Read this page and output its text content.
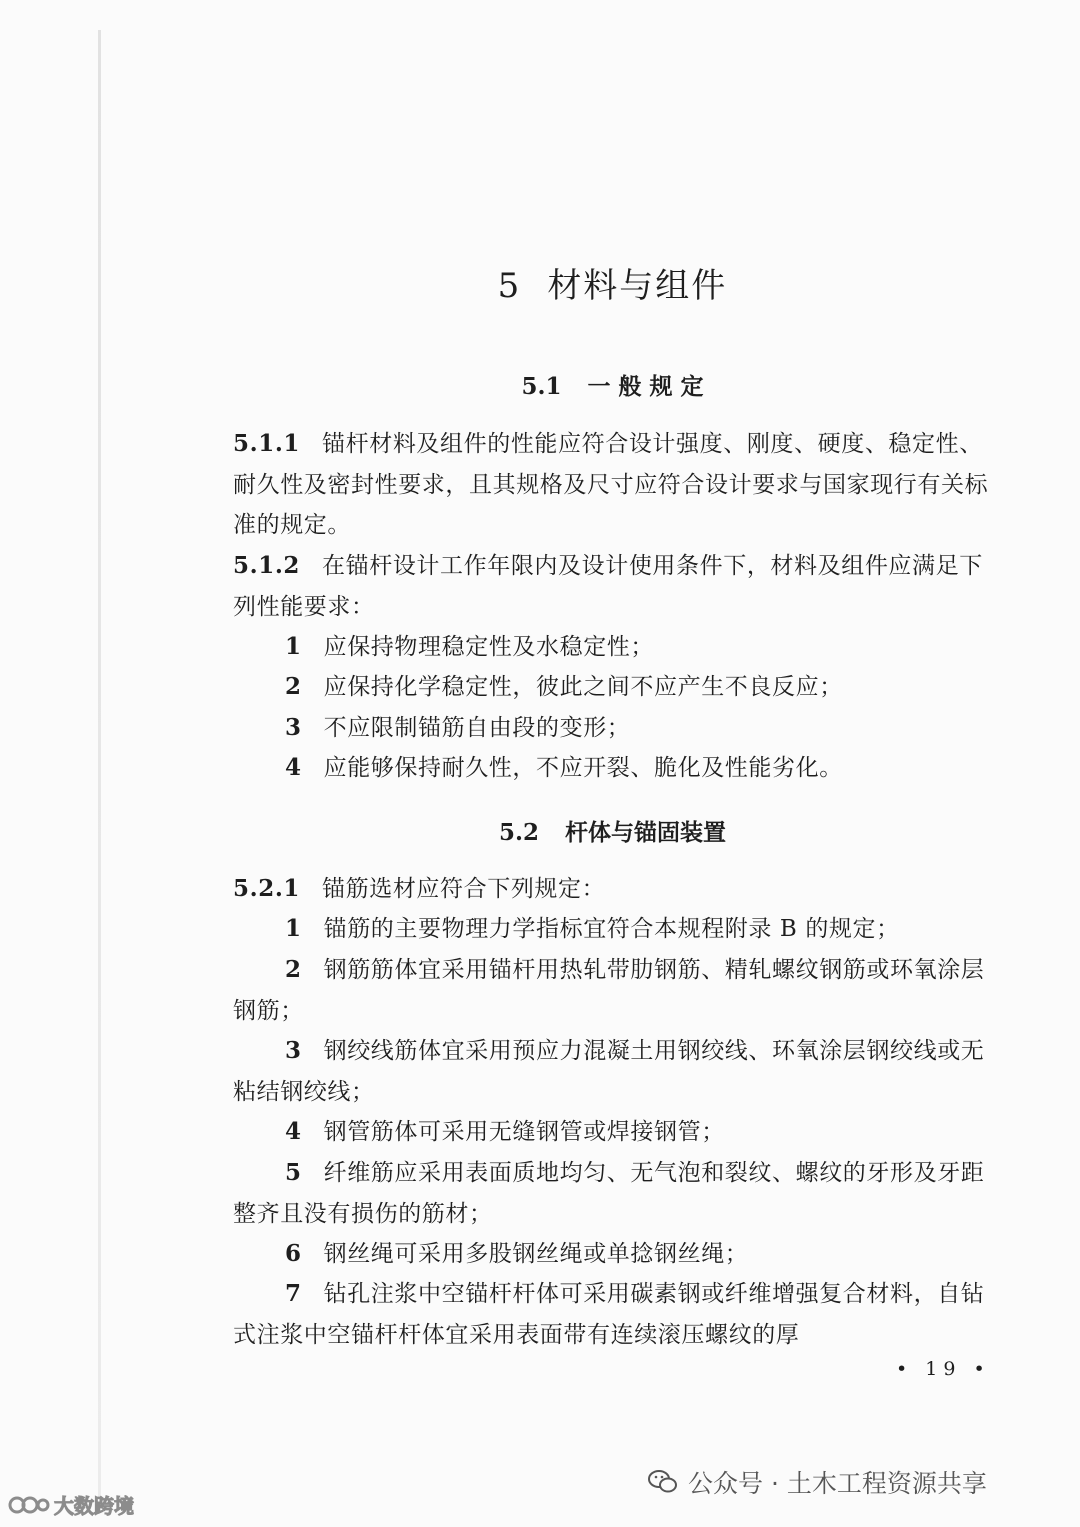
5 材料与组件
5.1 一 般 规 定
5.1.1 锚杆材料及组件的性能应符合设计强度、刚度、硬度、稳定性、耐久性及密封性要求，且其规格及尺寸应符合设计要求与国家现行有关标准的规定。
5.1.2 在锚杆设计工作年限内及设计使用条件下，材料及组件应满足下列性能要求：
1 应保持物理稳定性及水稳定性；
2 应保持化学稳定性，彼此之间不应产生不良反应；
3 不应限制锚筋自由段的变形；
4 应能够保持耐久性，不应开裂、脆化及性能劣化。
5.2 杆体与锚固装置
5.2.1 锚筋选材应符合下列规定：
1 锚筋的主要物理力学指标宜符合本规程附录 B 的规定；
2 钢筋筋体宜采用锚杆用热轧带肋钢筋、精轧螺纹钢筋或环氧涂层钢筋；
3 钢绞线筋体宜采用预应力混凝土用钢绞线、环氧涂层钢绞线或无粘结钢绞线；
4 钢管筋体可采用无缝钢管或焊接钢管；
5 纤维筋应采用表面质地均匀、无气泡和裂纹、螺纹的牙形及牙距整齐且没有损伤的筋材；
6 钢丝绳可采用多股钢丝绳或单捻钢丝绳；
7 钻孔注浆中空锚杆杆体可采用碳素钢或纤维增强复合材料，自钻式注浆中空锚杆杆体宜采用表面带有连续滚压螺纹的厚
• 19 •
公众号 · 土木工程资源共享
大数跨境
